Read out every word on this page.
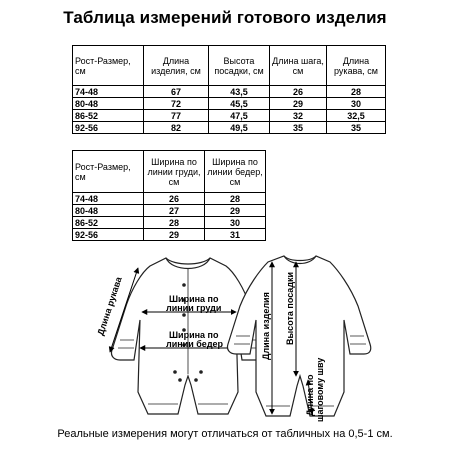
Таблица измерений готового изделия
Рост-Размер, см	Длина изделия, см	Высота посадки, см	Длина шага, см	Длина рукава, см
74-48	67	43,5	26	28
80-48	72	45,5	29	30
86-52	77	47,5	32	32,5
92-56	82	49,5	35	35
Рост-Размер, см	Ширина по линии груди, см	Ширина по линии бедер, см
74-48	26	28
80-48	27	29
86-52	28	30
92-56	29	31
Длина рукава	Ширина по
линии груди
Ширина по
линии бедер	Длина изделия Высота посадки
Длина по шаговому шву
Реальные измерения могут отличаться от табличных на 0,5-1 см.
